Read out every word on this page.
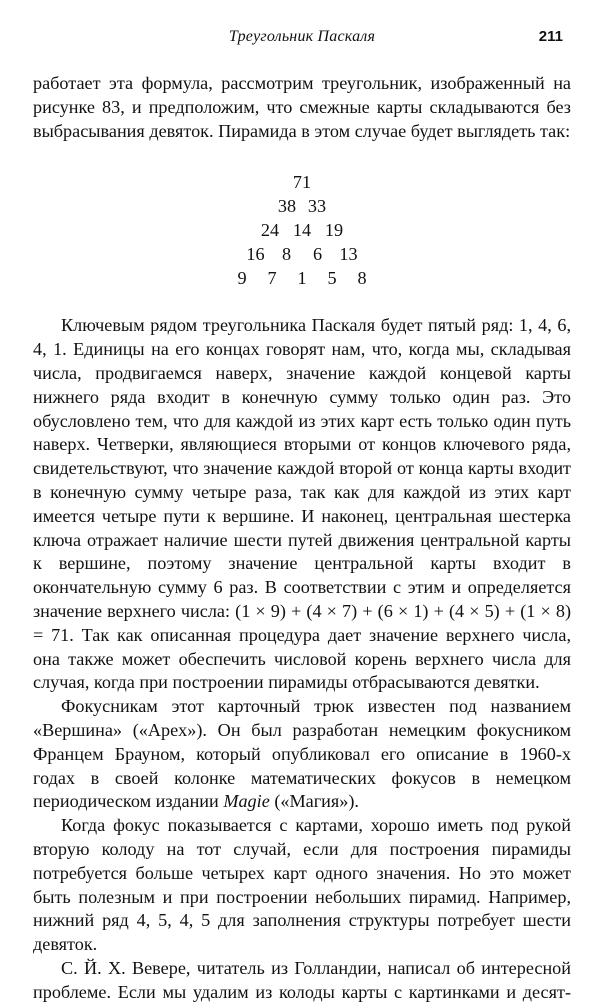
Треугольник Паскаля	211

работает эта формула, рассмотрим треугольник, изображенный на рисунке 83, и предположим, что смежные карты складываются без выбрасывания девяток. Пирамида в этом случае будет выглядеть так:

71
38 33
24 14 19
16 8	6 13
9	7	1	5	8

Ключевым рядом треугольника Паскаля будет пятый ряд: 1, 4, 6, 4, 1. Единицы на его концах говорят нам, что, когда мы, складывая числа, продвигаемся наверх, значение каждой концевой карты нижнего ряда входит в конечную сумму только один раз. Это обусловлено тем, что для каждой из этих карт есть только один путь наверх. Четверки, являющиеся вторыми от концов ключевого ряда, свидетельствуют, что значение каждой второй от конца карты входит в конечную сумму четыре раза, так как для каждой из этих карт имеется четыре пути к вершине. И наконец, центральная шестерка ключа отражает наличие шести путей движения центральной карты к вершине, поэтому значение центральной карты входит в окончательную сумму 6 раз. В соответствии с этим и определяется значение верхнего числа: (1 × 9) + (4 × 7) + (6 × 1) + (4 × 5) + (1 × 8) = 71. Так как описанная процедура дает значение верхнего числа, она также может обеспечить числовой корень верхнего числа для случая, когда при построении пирамиды отбрасываются девятки.

Фокусникам этот карточный трюк известен под названием «Вершина» («Apex»). Он был разработан немецким фокусником Францем Брауном, который опубликовал его описание в 1960-х годах в своей колонке математических фокусов в немецком периодическом издании Magie («Магия»).

Когда фокус показывается с картами, хорошо иметь под рукой вторую колоду на тот случай, если для построения пирамиды потребуется больше четырех карт одного значения. Но это может быть полезным и при построении небольших пирамид. Например, нижний ряд 4, 5, 4, 5 для заполнения структуры потребует шести девяток.

С. Й. Х. Вевере, читатель из Голландии, написал об интересной проблеме. Если мы удалим из колоды карты с картинками и десят-
